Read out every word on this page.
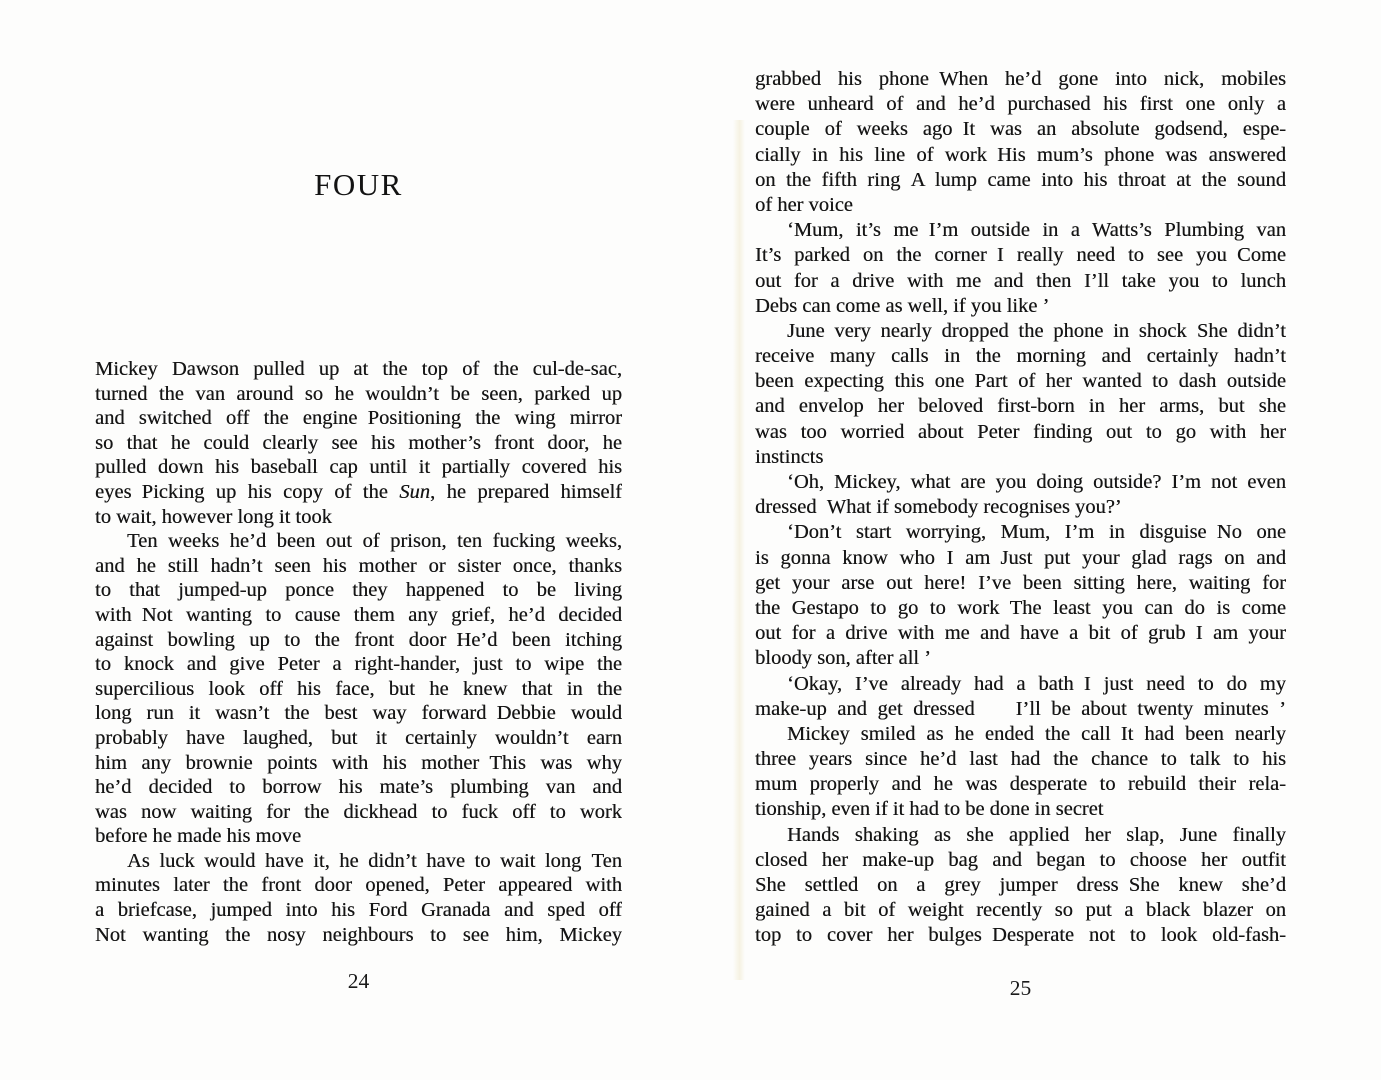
FOUR
Mickey Dawson pulled up at the top of the cul-de-sac,
turned the van around so he wouldn’t be seen, parked up
and switched off the engine Positioning the wing mirror
so that he could clearly see his mother’s front door, he
pulled down his baseball cap until it partially covered his
eyes Picking up his copy of the Sun, he prepared himself
to wait, however long it took
Ten weeks he’d been out of prison, ten fucking weeks,
and he still hadn’t seen his mother or sister once, thanks
to that jumped-up ponce they happened to be living
with Not wanting to cause them any grief, he’d decided
against bowling up to the front door He’d been itching
to knock and give Peter a right-hander, just to wipe the
supercilious look off his face, but he knew that in the
long run it wasn’t the best way forward Debbie would
probably have laughed, but it certainly wouldn’t earn
him any brownie points with his mother This was why
he’d decided to borrow his mate’s plumbing van and
was now waiting for the dickhead to fuck off to work
before he made his move
As luck would have it, he didn’t have to wait long Ten
minutes later the front door opened, Peter appeared with
a briefcase, jumped into his Ford Granada and sped off
Not wanting the nosy neighbours to see him, Mickey
24
grabbed his phone When he’d gone into nick, mobiles
were unheard of and he’d purchased his first one only a
couple of weeks ago It was an absolute godsend, espe-
cially in his line of work His mum’s phone was answered
on the fifth ring A lump came into his throat at the sound
of her voice
‘Mum, it’s me I’m outside in a Watts’s Plumbing van
It’s parked on the corner I really need to see you Come
out for a drive with me and then I’ll take you to lunch
Debs can come as well, if you like ’
June very nearly dropped the phone in shock She didn’t
receive many calls in the morning and certainly hadn’t
been expecting this one Part of her wanted to dash outside
and envelop her beloved first-born in her arms, but she
was too worried about Peter finding out to go with her
instincts
‘Oh, Mickey, what are you doing outside? I’m not even
dressed What if somebody recognises you?’
‘Don’t start worrying, Mum, I’m in disguise No one
is gonna know who I am Just put your glad rags on and
get your arse out here! I’ve been sitting here, waiting for
the Gestapo to go to work The least you can do is come
out for a drive with me and have a bit of grub I am your
bloody son, after all ’
‘Okay, I’ve already had a bath I just need to do my
make-up and get dressed    I’ll be about twenty minutes ’
Mickey smiled as he ended the call It had been nearly
three years since he’d last had the chance to talk to his
mum properly and he was desperate to rebuild their rela-
tionship, even if it had to be done in secret
Hands shaking as she applied her slap, June finally
closed her make-up bag and began to choose her outfit
She settled on a grey jumper dress She knew she’d
gained a bit of weight recently so put a black blazer on
top to cover her bulges Desperate not to look old-fash-
25
